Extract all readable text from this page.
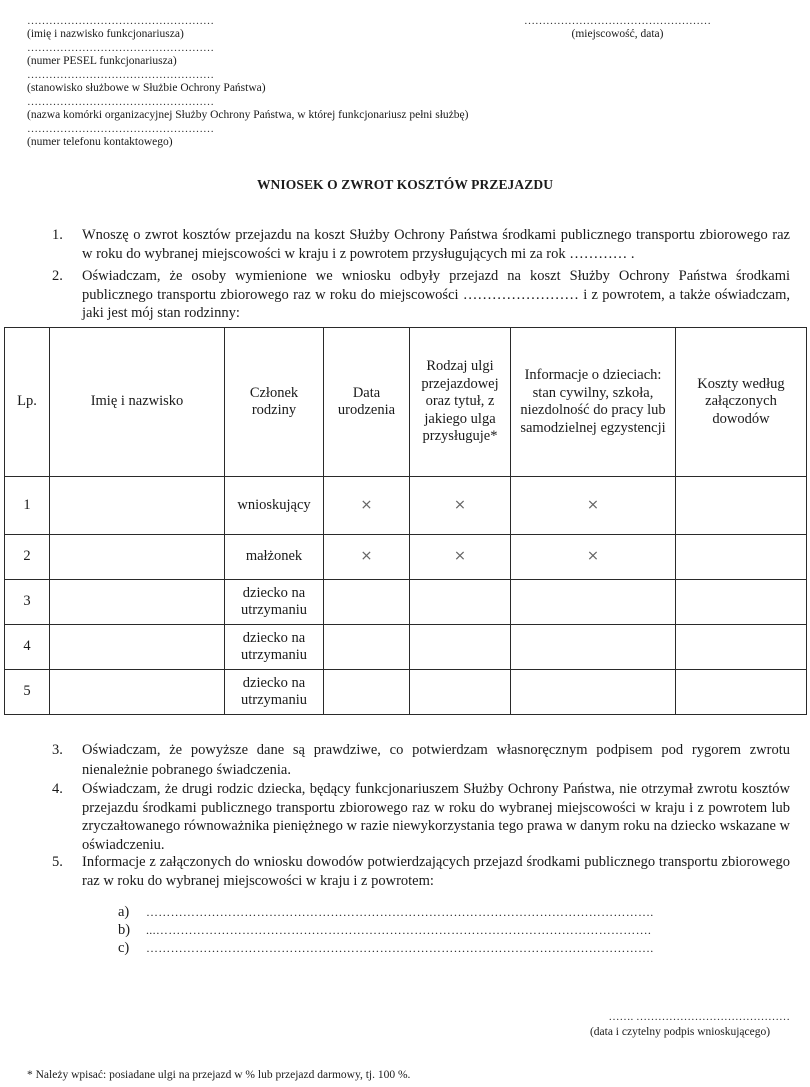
……………………………………………
(imię i nazwisko funkcjonariusza)
……………………………………………
(numer PESEL funkcjonariusza)
……………………………………………
(stanowisko służbowe w Służbie Ochrony Państwa)
……………………………………………
(nazwa komórki organizacyjnej Służby Ochrony Państwa, w której funkcjonariusz pełni służbę)
……………………………………………
(numer telefonu kontaktowego)
……………………………………………
(miejscowość, data)
WNIOSEK O ZWROT KOSZTÓW PRZEJAZDU
1. Wnoszę o zwrot kosztów przejazdu na koszt Służby Ochrony Państwa środkami publicznego transportu zbiorowego raz w roku do wybranej miejscowości w kraju i z powrotem przysługujących mi za rok ………… .
2. Oświadczam, że osoby wymienione we wniosku odbyły przejazd na koszt Służby Ochrony Państwa środkami publicznego transportu zbiorowego raz w roku do miejscowości …………………… i z powrotem, a także oświadczam, jaki jest mój stan rodzinny:
Lp.	Imię i nazwisko	Członek rodziny	Data urodzenia	Rodzaj ulgi przejazdowej oraz tytuł, z jakiego ulga przysługuje*	Informacje o dzieciach: stan cywilny, szkoła, niezdolność do pracy lub samodzielnej egzystencji	Koszty według załączonych dowodów
1		wnioskujący	×	×	×	
2		małżonek	×	×	×	
3		dziecko na utrzymaniu				
4		dziecko na utrzymaniu				
5		dziecko na utrzymaniu				
3. Oświadczam, że powyższe dane są prawdziwe, co potwierdzam własnoręcznym podpisem pod rygorem zwrotu nienależnie pobranego świadczenia.
4. Oświadczam, że drugi rodzic dziecka, będący funkcjonariuszem Służby Ochrony Państwa, nie otrzymał zwrotu kosztów przejazdu środkami publicznego transportu zbiorowego raz w roku do wybranej miejscowości w kraju i z powrotem lub zryczałtowanego równoważnika pieniężnego w razie niewykorzystania tego prawa w danym roku na dziecko wskazane w oświadczeniu.
5. Informacje z załączonych do wniosku dowodów potwierdzających przejazd środkami publicznego transportu zbiorowego raz w roku do wybranej miejscowości w kraju i z powrotem:
a) …………………………………………………………………………………………………………….
b) ...………………………………………………………………………………………………………….
c) …………………………………………………………………………………………………………….
……. ……………………………………
(data i czytelny podpis wnioskującego)
* Należy wpisać: posiadane ulgi na przejazd w % lub przejazd darmowy, tj. 100 %.
